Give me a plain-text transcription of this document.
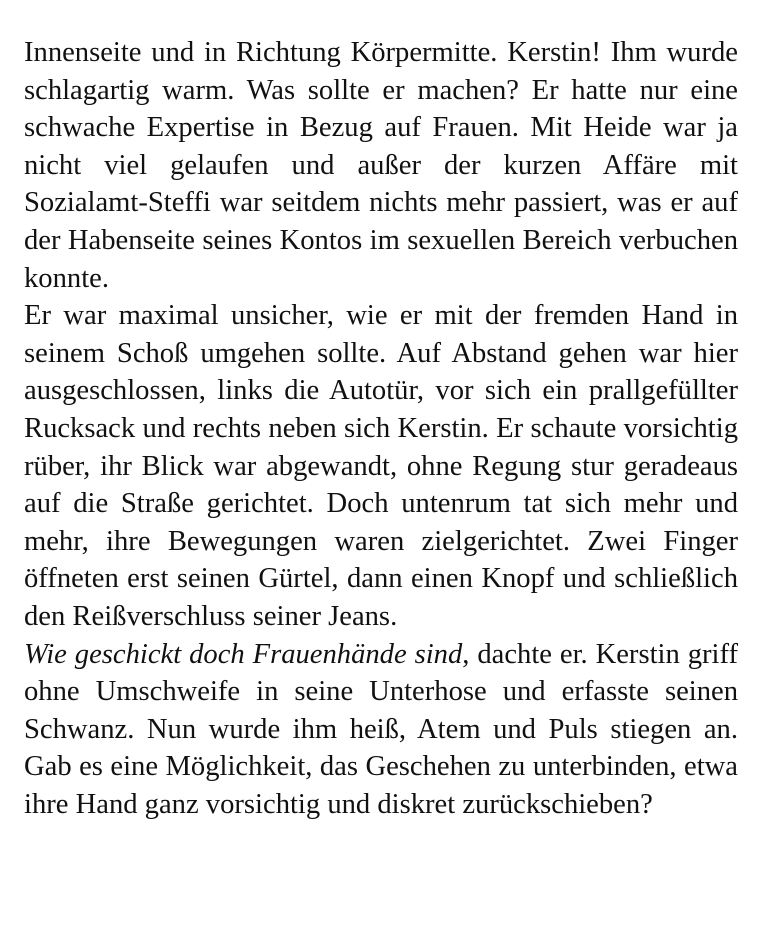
Innenseite und in Richtung Körpermitte. Kerstin! Ihm wurde schlagartig warm. Was sollte er machen? Er hatte nur eine schwache Expertise in Bezug auf Frauen. Mit Heide war ja nicht viel gelaufen und außer der kurzen Affäre mit Sozialamt-Steffi war seitdem nichts mehr passiert, was er auf der Habenseite seines Kontos im sexuellen Bereich verbuchen konnte.

Er war maximal unsicher, wie er mit der fremden Hand in seinem Schoß umgehen sollte. Auf Abstand gehen war hier ausgeschlossen, links die Autotür, vor sich ein prallgefüllter Rucksack und rechts neben sich Kerstin. Er schaute vorsichtig rüber, ihr Blick war abgewandt, ohne Regung stur geradeaus auf die Straße gerichtet. Doch untenrum tat sich mehr und mehr, ihre Bewegungen waren zielgerichtet. Zwei Finger öffneten erst seinen Gürtel, dann einen Knopf und schließlich den Reißverschluss seiner Jeans.

Wie geschickt doch Frauenhände sind, dachte er. Kerstin griff ohne Umschweife in seine Unterhose und erfasste seinen Schwanz. Nun wurde ihm heiß, Atem und Puls stiegen an. Gab es eine Möglichkeit, das Geschehen zu unterbinden, etwa ihre Hand ganz vorsichtig und diskret zurückschieben?
